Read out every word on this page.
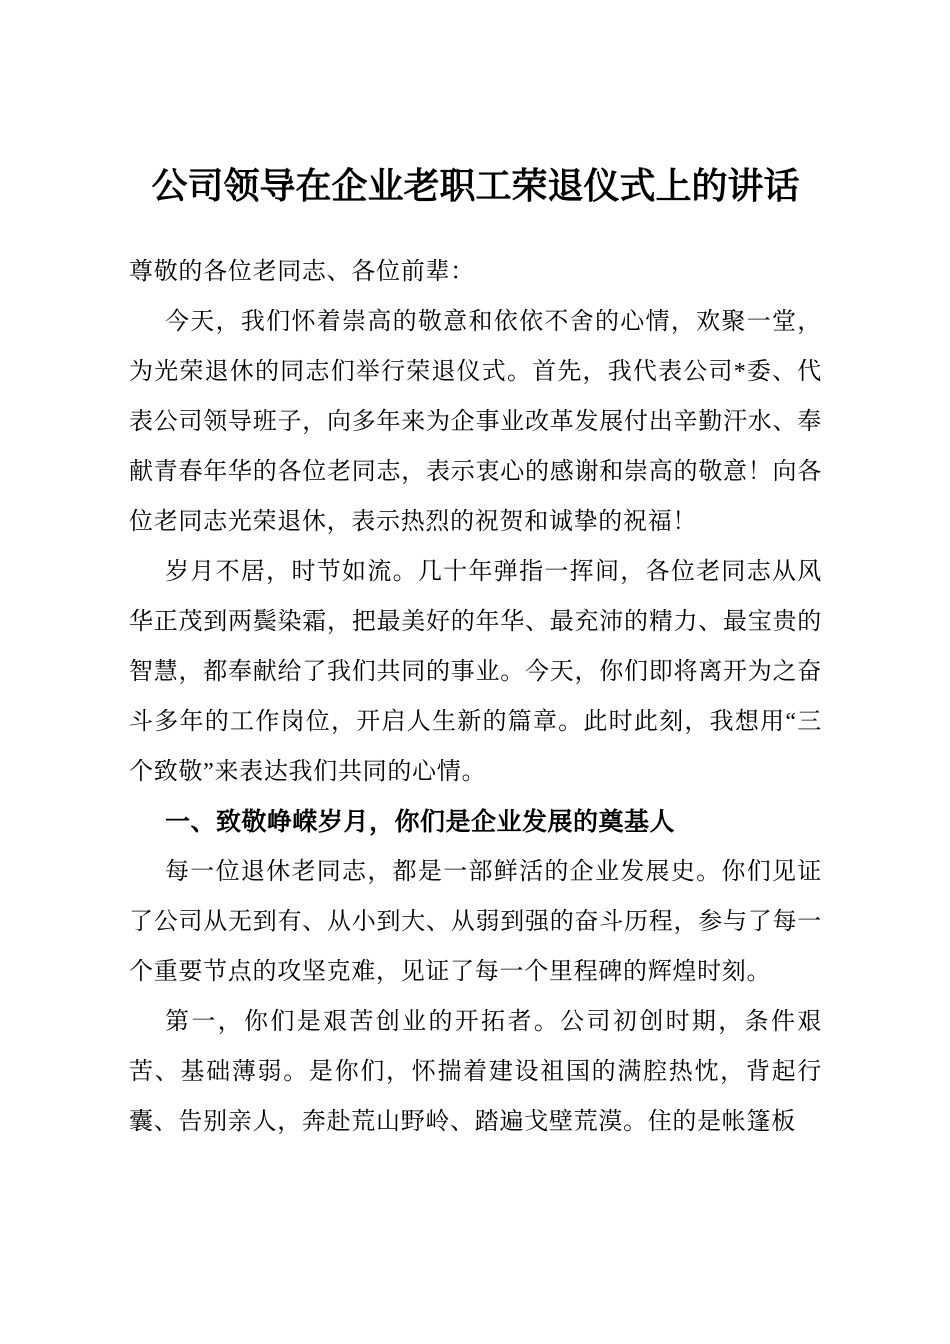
公司领导在企业老职工荣退仪式上的讲话

尊敬的各位老同志、各位前辈：

今天，我们怀着崇高的敬意和依依不舍的心情，欢聚一堂，为光荣退休的同志们举行荣退仪式。首先，我代表公司*委、代表公司领导班子，向多年来为企事业改革发展付出辛勤汗水、奉献青春年华的各位老同志，表示衷心的感谢和崇高的敬意！向各位老同志光荣退休，表示热烈的祝贺和诚挚的祝福！

岁月不居，时节如流。几十年弹指一挥间，各位老同志从风华正茂到两鬓染霜，把最美好的年华、最充沛的精力、最宝贵的智慧，都奉献给了我们共同的事业。今天，你们即将离开为之奋斗多年的工作岗位，开启人生新的篇章。此时此刻，我想用“三个致敬”来表达我们共同的心情。

一、致敬峥嵘岁月，你们是企业发展的奠基人

每一位退休老同志，都是一部鲜活的企业发展史。你们见证了公司从无到有、从小到大、从弱到强的奋斗历程，参与了每一个重要节点的攻坚克难，见证了每一个里程碑的辉煌时刻。

第一，你们是艰苦创业的开拓者。公司初创时期，条件艰苦、基础薄弱。是你们，怀揣着建设祖国的满腔热忱，背起行囊、告别亲人，奔赴荒山野岭、踏遍戈壁荒漠。住的是帐篷板
